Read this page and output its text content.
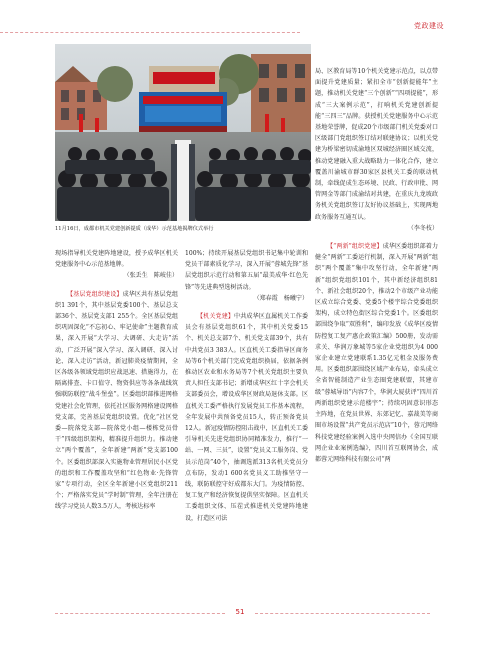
党政建设
11月16日，成都市机关党建创新提质（成华）示范基地揭牌仪式举行

现场指导机关党建阵地建设，授予成华区机关党建服务中心示范基地牌。

（张丢生　陈岐佳）

【基层党组织建设】成华区共有基层党组织1 391个，其中基层党委100个、基层总支部36个、基层党支部1 255个。全区基层党组织巩固深化“不忘初心、牢记使命”主题教育成果，深入开展“大学习、大调研、大走访”活动，广泛开展“深入学习、深入调研、深入讨论、深入走访”活动，新冠肺炎疫情期间，全区各级各领域党组织应战迅速、措施得力，在隔离排查、卡口值守、物资供应等各条战线筑强联防联控“战斗堡垒”。区委组织部推进网格党建社会化管理，依托社区服务网格建设网格党支部，完善基层党组织设置。优化“社区党委—院落党支部—院落党小组—楼栋党员骨干”四级组织架构，精准提升组织力。推动建立“两个覆盖”，全年新建“两新”党支部100个。区委组织部深入实施物业管理居民小区党的组织和工作覆盖攻坚和“红色物业·先锋管家”专项行动，全区全年新建小区党组织211个；严格落实党员“学时制”管理，全年注册在线学习党员人数3.5万人，考核达标率

100%；持续开展基层党组织书记集中轮训和党员干部素质化学习，深入开展“蓉城先锋”基层党组织示范行动和第五届“最美成华·红色先锋”等先进典型选树活动。

（郑春霞　杨曦宁）

【机关党建】中共成华区直属机关工作委员会有基层党组织61个，其中机关党委15个、机关总支部7个、机关党支部39个，共有中共党员3 383人。区直机关工委指导区商务局等6个机关部门完成党组织换届，依据条例推动区农业和水务局等7个机关党组织主要负责人担任支部书记；新增成华区红十字会机关支部委员会，增设成华区财政局退休支部。区直机关工委严格执行发展党员工作基本流程，全年发展中共预备党员15人，转正预备党员12人。新冠疫情防控阻击战中，区直机关工委引导机关先进党组织协同精准发力，推行“一站、一网、三员”，设置“党员义工服务岗、党员示范岗”40个，抽调选派313名机关党员分点布防，发动1 600名党员义工助推坚守一线，联防联控守好成都东大门。为疫情防控、复工复产和经济恢复提供坚实保障。区直机关工委组织文体、压茬式推进机关党建阵地建设，打造区司法

局、区教育局等10个机关党建示范点，以点带面提升党建质量；紧扣全市“创新提能年”主题，推动机关党建“三个创新”“四项提能”，形成“三大案例示范”，打响机关党建创新提能“三四三”品牌。获授机关党建服务中心示范基地荣誉牌，促成20个市级部门机关党委对口区级部门党组织签订结对联建协议；以机关党建为桥梁密切成渝地区双城经济圈区域交流，推动党建融入重大战略助力一体化合作，建立覆盖川渝城市群30家区县机关工委的联动机制，牵线促成生态环境、民政、行政审批、网管网金等部门成渝结对共建，在重庆九龙坡政务机关党组织签订友好协议基础上，实现两地政务服务互通互认。

（李冬枝）

【“两新”组织党建】成华区委组织部着力健全“两新”工委运行机制，深入开展“两新”组织“两个覆盖”集中攻坚行动，全年新建“两新”组织党组织101个，其中新经济组织81个、新社会组织20个，推动2个市级产业功能区成立综合党委、党委5个楼宇综合党委组织架构，成立特色街区综合党委1个。区委组织部围绕争取“双胜利”，编印发放《成华区疫情防控复工复产惠企政策汇编》500册，发动需求关、华润万象城等5家企业党组织为4 000家企业建立党建联系1.35亿元租金及服务费用。区委组织部围绕区域产业布局，牵头成立全省智能制造产业生态圈党建联盟，其建市级“蓉城导语”内容7个，华润大厦获评“四川首两新组织党建示范楼宇”；持续巩固意识形态主阵地，在党员世界、东郊记忆、嘉裁美等商圈市场设置“共产党员示范店”10个，蓉元网络科技党建经验案例入选中央网信办《全国互联网企业业案例选编》，四川首互联网协会，成都蓉元网络科技有限公司“两

51
